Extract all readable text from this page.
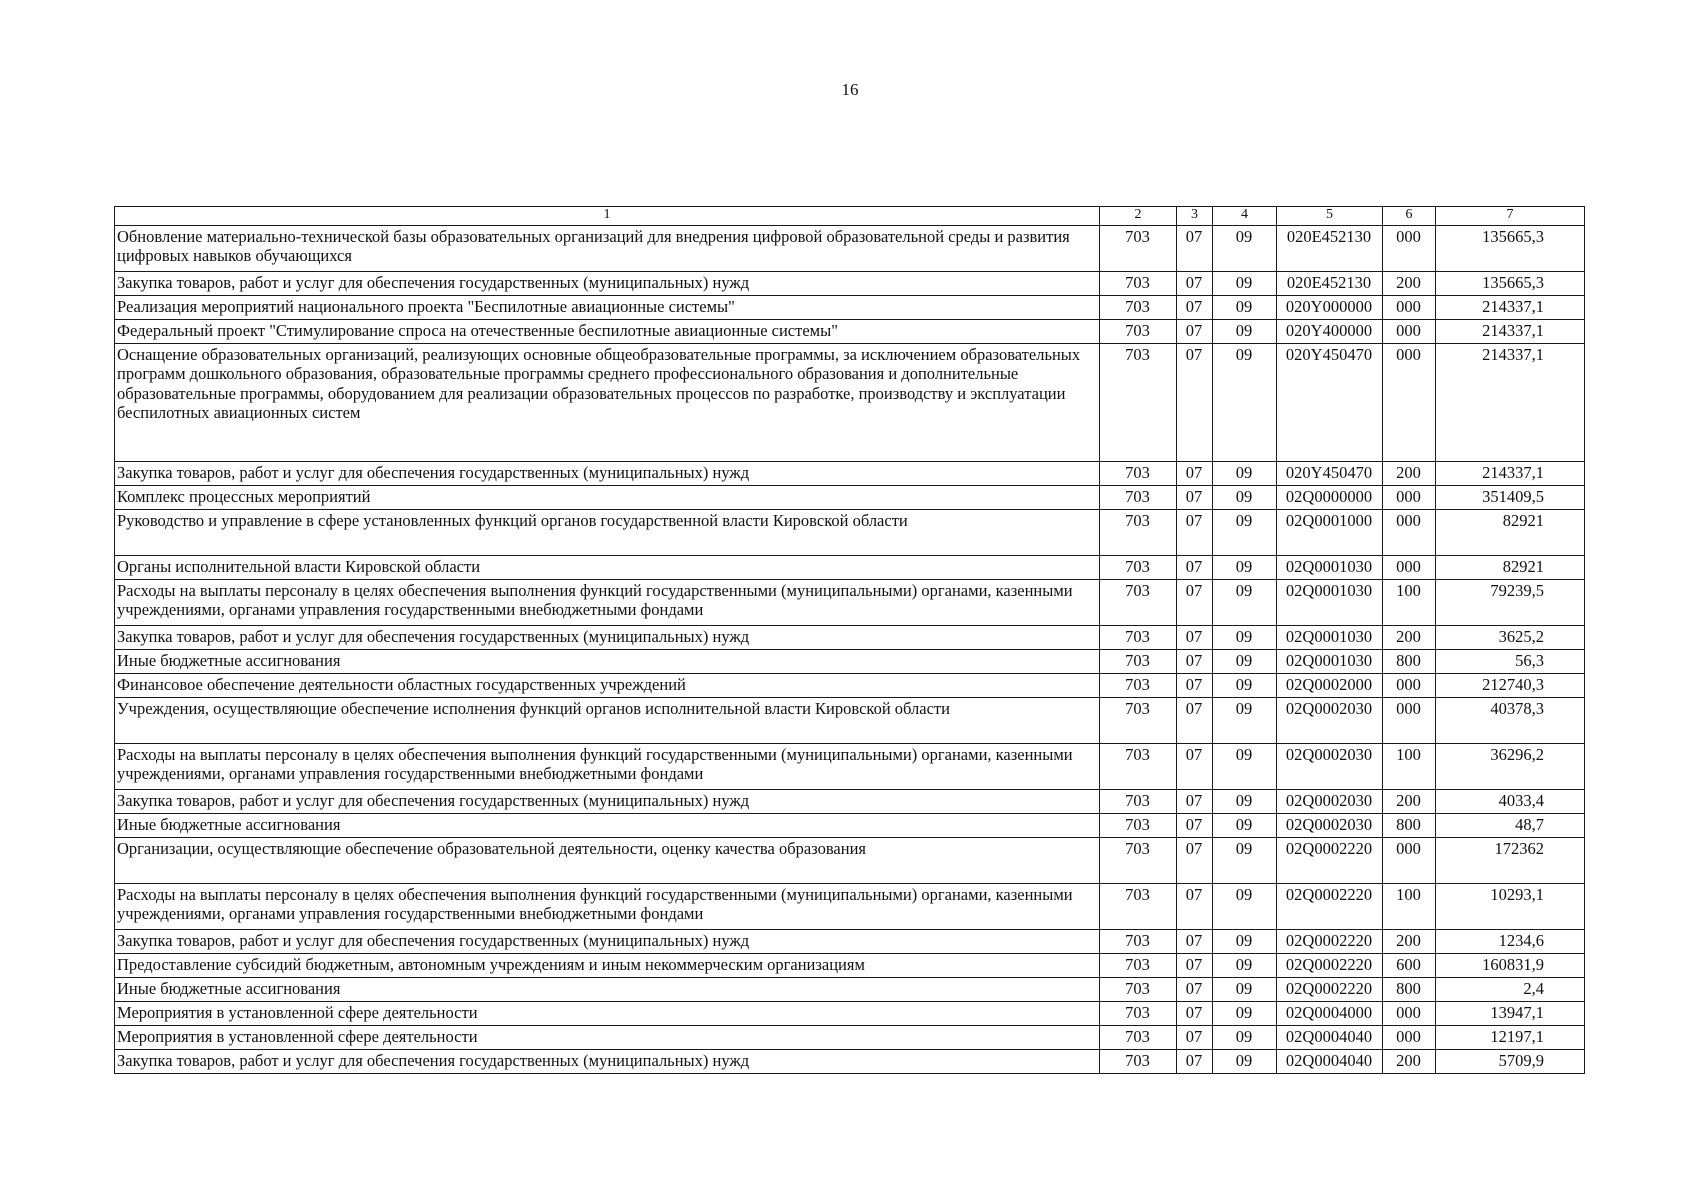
16
1	2	3	4	5	6	7
Обновление материально-технической базы образовательных организаций для внедрения цифровой образовательной среды и развития цифровых навыков обучающихся	703	07	09	020E452130	000	135665,3
Закупка товаров, работ и услуг для обеспечения государственных (муниципальных) нужд	703	07	09	020E452130	200	135665,3
Реализация мероприятий национального проекта "Беспилотные авиационные системы"	703	07	09	020Y000000	000	214337,1
Федеральный проект "Стимулирование спроса на отечественные беспилотные авиационные системы"	703	07	09	020Y400000	000	214337,1
Оснащение образовательных организаций, реализующих основные общеобразовательные программы, за исключением образовательных программ дошкольного образования, образовательные программы среднего профессионального образования и дополнительные образовательные программы, оборудованием для реализации образовательных процессов по разработке, производству и эксплуатации беспилотных авиационных систем	703	07	09	020Y450470	000	214337,1
Закупка товаров, работ и услуг для обеспечения государственных (муниципальных) нужд	703	07	09	020Y450470	200	214337,1
Комплекс процессных мероприятий	703	07	09	02Q0000000	000	351409,5
Руководство и управление в сфере установленных функций органов государственной власти Кировской области	703	07	09	02Q0001000	000	82921
Органы исполнительной власти Кировской области	703	07	09	02Q0001030	000	82921
Расходы на выплаты персоналу в целях обеспечения выполнения функций государственными (муниципальными) органами, казенными учреждениями, органами управления государственными внебюджетными фондами	703	07	09	02Q0001030	100	79239,5
Закупка товаров, работ и услуг для обеспечения государственных (муниципальных) нужд	703	07	09	02Q0001030	200	3625,2
Иные бюджетные ассигнования	703	07	09	02Q0001030	800	56,3
Финансовое обеспечение деятельности областных государственных учреждений	703	07	09	02Q0002000	000	212740,3
Учреждения, осуществляющие обеспечение исполнения функций органов исполнительной власти Кировской области	703	07	09	02Q0002030	000	40378,3
Расходы на выплаты персоналу в целях обеспечения выполнения функций государственными (муниципальными) органами, казенными учреждениями, органами управления государственными внебюджетными фондами	703	07	09	02Q0002030	100	36296,2
Закупка товаров, работ и услуг для обеспечения государственных (муниципальных) нужд	703	07	09	02Q0002030	200	4033,4
Иные бюджетные ассигнования	703	07	09	02Q0002030	800	48,7
Организации, осуществляющие обеспечение образовательной деятельности, оценку качества образования	703	07	09	02Q0002220	000	172362
Расходы на выплаты персоналу в целях обеспечения выполнения функций государственными (муниципальными) органами, казенными учреждениями, органами управления государственными внебюджетными фондами	703	07	09	02Q0002220	100	10293,1
Закупка товаров, работ и услуг для обеспечения государственных (муниципальных) нужд	703	07	09	02Q0002220	200	1234,6
Предоставление субсидий бюджетным, автономным учреждениям и иным некоммерческим организациям	703	07	09	02Q0002220	600	160831,9
Иные бюджетные ассигнования	703	07	09	02Q0002220	800	2,4
Мероприятия в установленной сфере деятельности	703	07	09	02Q0004000	000	13947,1
Мероприятия в установленной сфере деятельности	703	07	09	02Q0004040	000	12197,1
Закупка товаров, работ и услуг для обеспечения государственных (муниципальных) нужд	703	07	09	02Q0004040	200	5709,9
